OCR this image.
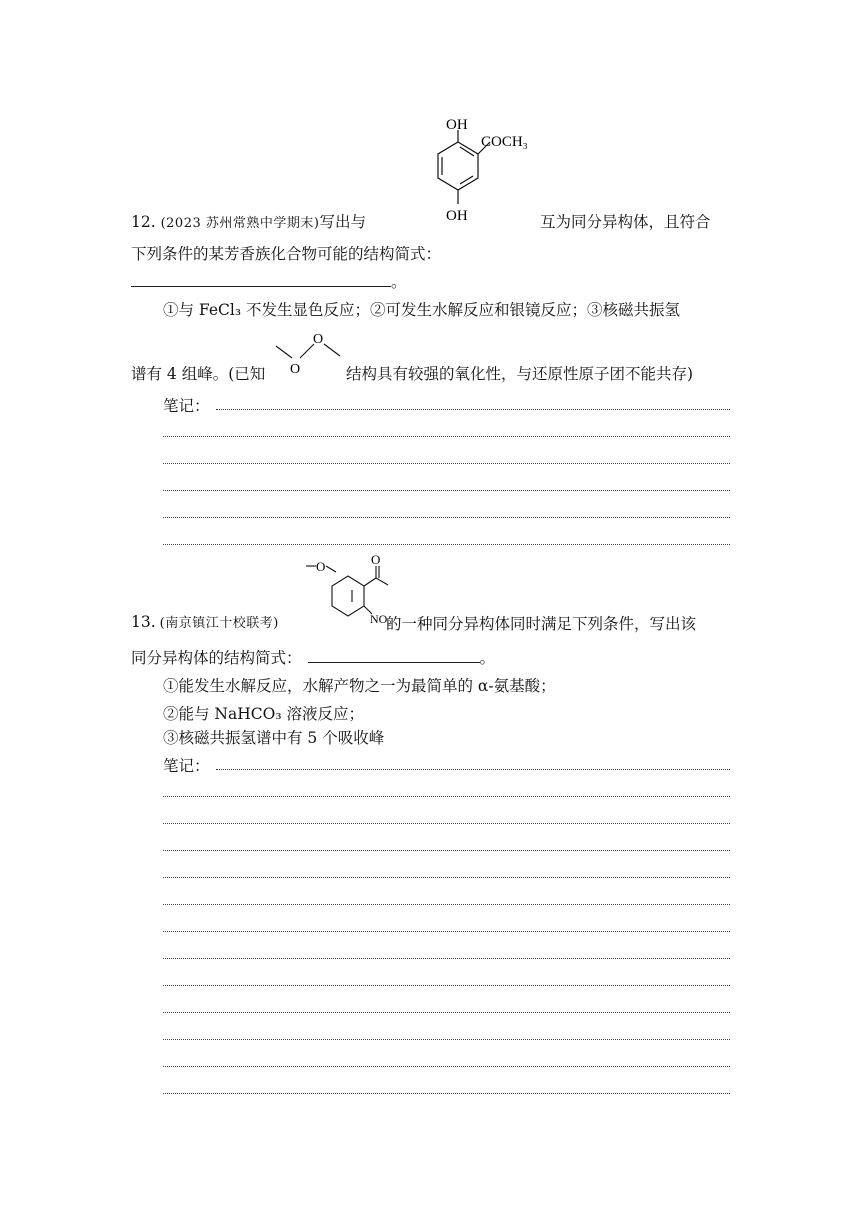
OH
COCH₃
OH
12. (2023 苏州常熟中学期末)写出与	互为同分异构体，且符合
下列条件的某芳香族化合物可能的结构简式：
。
①与 FeCl₃ 不发生显色反应；②可发生水解反应和银镜反应；③核磁共振氢
谱有 4 组峰。(已知 O
O
结构具有较强的氧化性，与还原性原子团不能共存)
笔记：
O	O
NO₂
13. (南京镇江十校联考)	的一种同分异构体同时满足下列条件，写出该
同分异构体的结构简式：	。
①能发生水解反应，水解产物之一为最简单的 α-氨基酸；
②能与 NaHCO₃ 溶液反应；
③核磁共振氢谱中有 5 个吸收峰
笔记：
